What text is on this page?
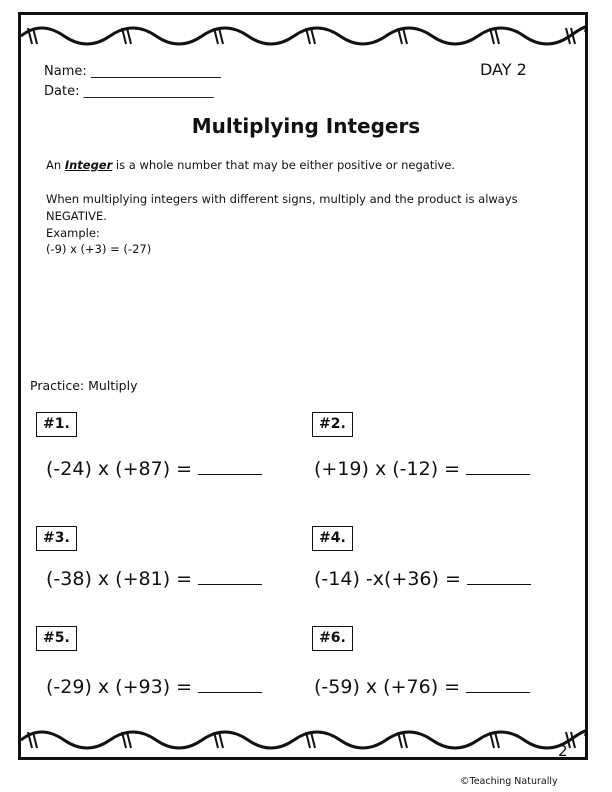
Name: ____________________
Date: ____________________
DAY 2
Multiplying Integers
An Integer is a whole number that may be either positive or negative.
When multiplying integers with different signs, multiply and the product is always
NEGATIVE.
Example:
(-9) x (+3) = (-27)
Practice: Multiply
#1.
(-24) x (+87) =
#2.
(+19) x (-12) =
#3.
(-38) x (+81) =
#4.
(-14) -x(+36) =
#5.
(-29) x (+93) =
#6.
(-59) x (+76) =
2
©Teaching Naturally
